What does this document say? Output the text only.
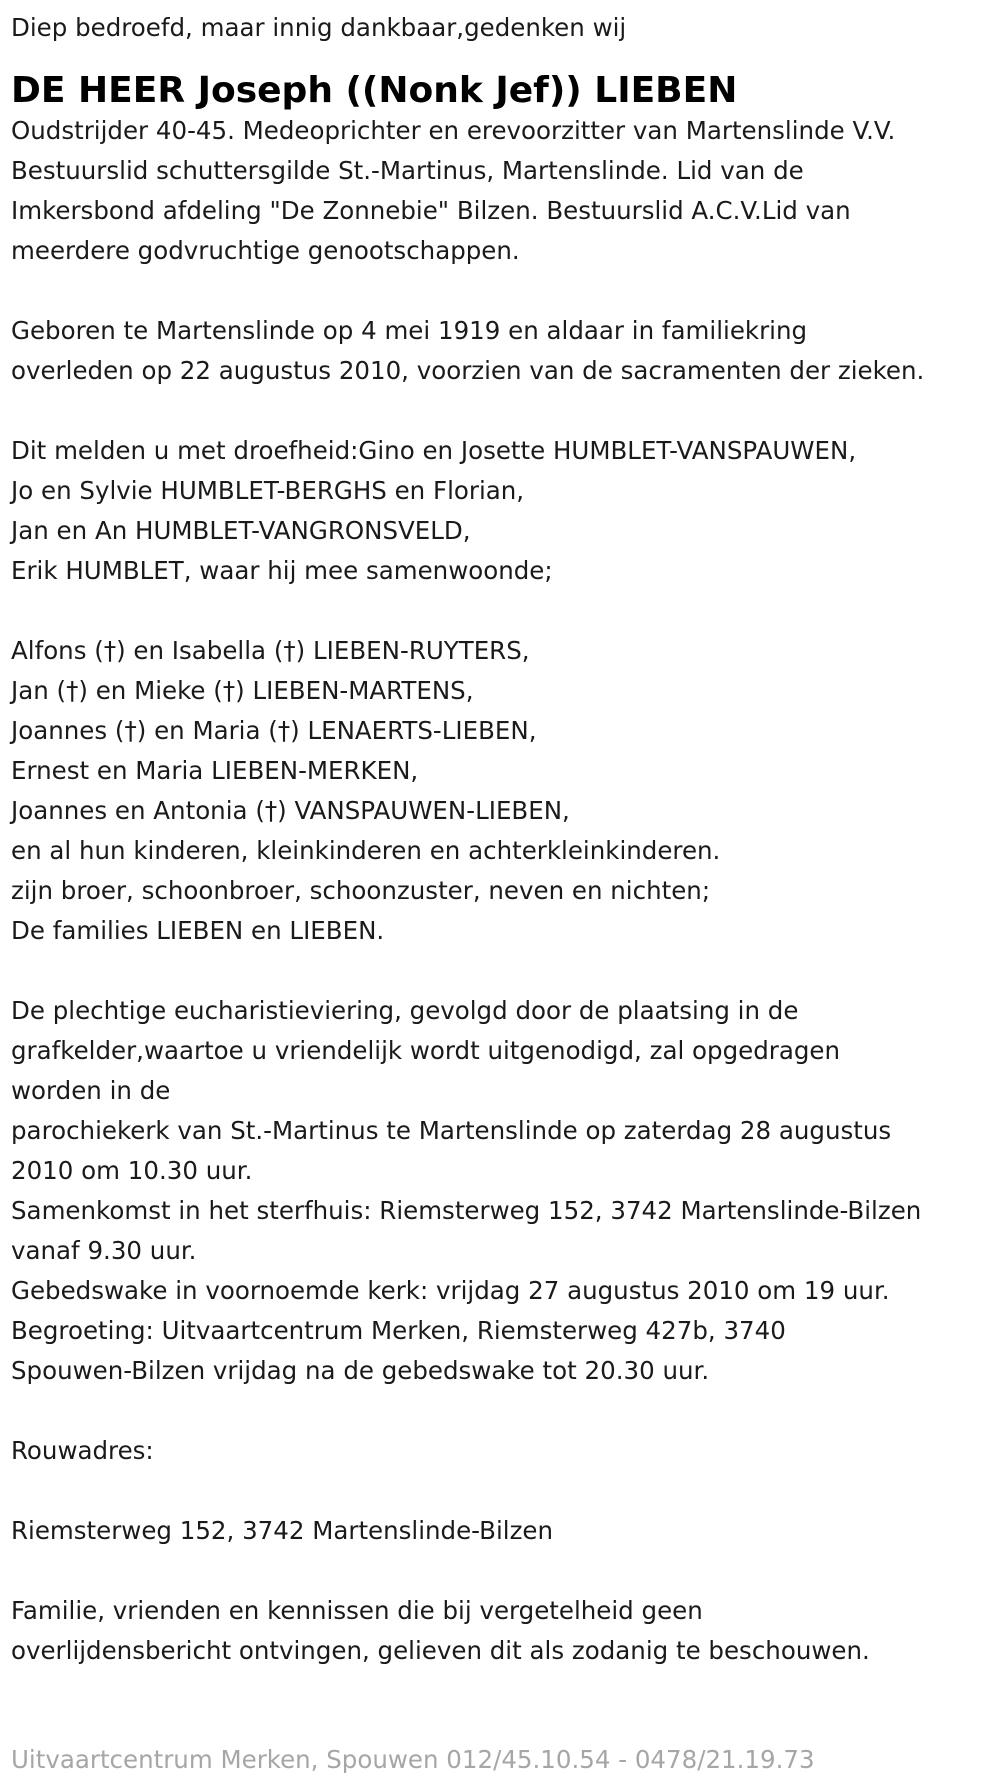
Diep bedroefd, maar innig dankbaar,gedenken wij

DE HEER Joseph ((Nonk Jef)) LIEBEN

Oudstrijder 40-45. Medeoprichter en erevoorzitter van Martenslinde V.V.

Bestuurslid schuttersgilde St.-Martinus, Martenslinde. Lid van de

Imkersbond afdeling "De Zonnebie" Bilzen. Bestuurslid A.C.V.Lid van

meerdere godvruchtige genootschappen.

Geboren te Martenslinde op 4 mei 1919 en aldaar in familiekring

overleden op 22 augustus 2010, voorzien van de sacramenten der zieken.

Dit melden u met droefheid:Gino en Josette HUMBLET-VANSPAUWEN,

Jo en Sylvie HUMBLET-BERGHS en Florian,

Jan en An HUMBLET-VANGRONSVELD,

Erik HUMBLET, waar hij mee samenwoonde;

Alfons (†) en Isabella (†) LIEBEN-RUYTERS,

Jan (†) en Mieke (†) LIEBEN-MARTENS,

Joannes (†) en Maria (†) LENAERTS-LIEBEN,

Ernest en Maria LIEBEN-MERKEN,

Joannes en Antonia (†) VANSPAUWEN-LIEBEN,

en al hun kinderen, kleinkinderen en achterkleinkinderen.

zijn broer, schoonbroer, schoonzuster, neven en nichten;

De families LIEBEN en LIEBEN.

De plechtige eucharistieviering, gevolgd door de plaatsing in de

grafkelder,waartoe u vriendelijk wordt uitgenodigd, zal opgedragen

worden in de

parochiekerk van St.-Martinus te Martenslinde op zaterdag 28 augustus

2010 om 10.30 uur.

Samenkomst in het sterfhuis: Riemsterweg 152, 3742 Martenslinde-Bilzen

vanaf 9.30 uur.

Gebedswake in voornoemde kerk: vrijdag 27 augustus 2010 om 19 uur.

Begroeting: Uitvaartcentrum Merken, Riemsterweg 427b, 3740

Spouwen-Bilzen vrijdag na de gebedswake tot 20.30 uur.

Rouwadres:

Riemsterweg 152, 3742 Martenslinde-Bilzen

Familie, vrienden en kennissen die bij vergetelheid geen

overlijdensbericht ontvingen, gelieven dit als zodanig te beschouwen.

Uitvaartcentrum Merken, Spouwen 012/45.10.54 - 0478/21.19.73
